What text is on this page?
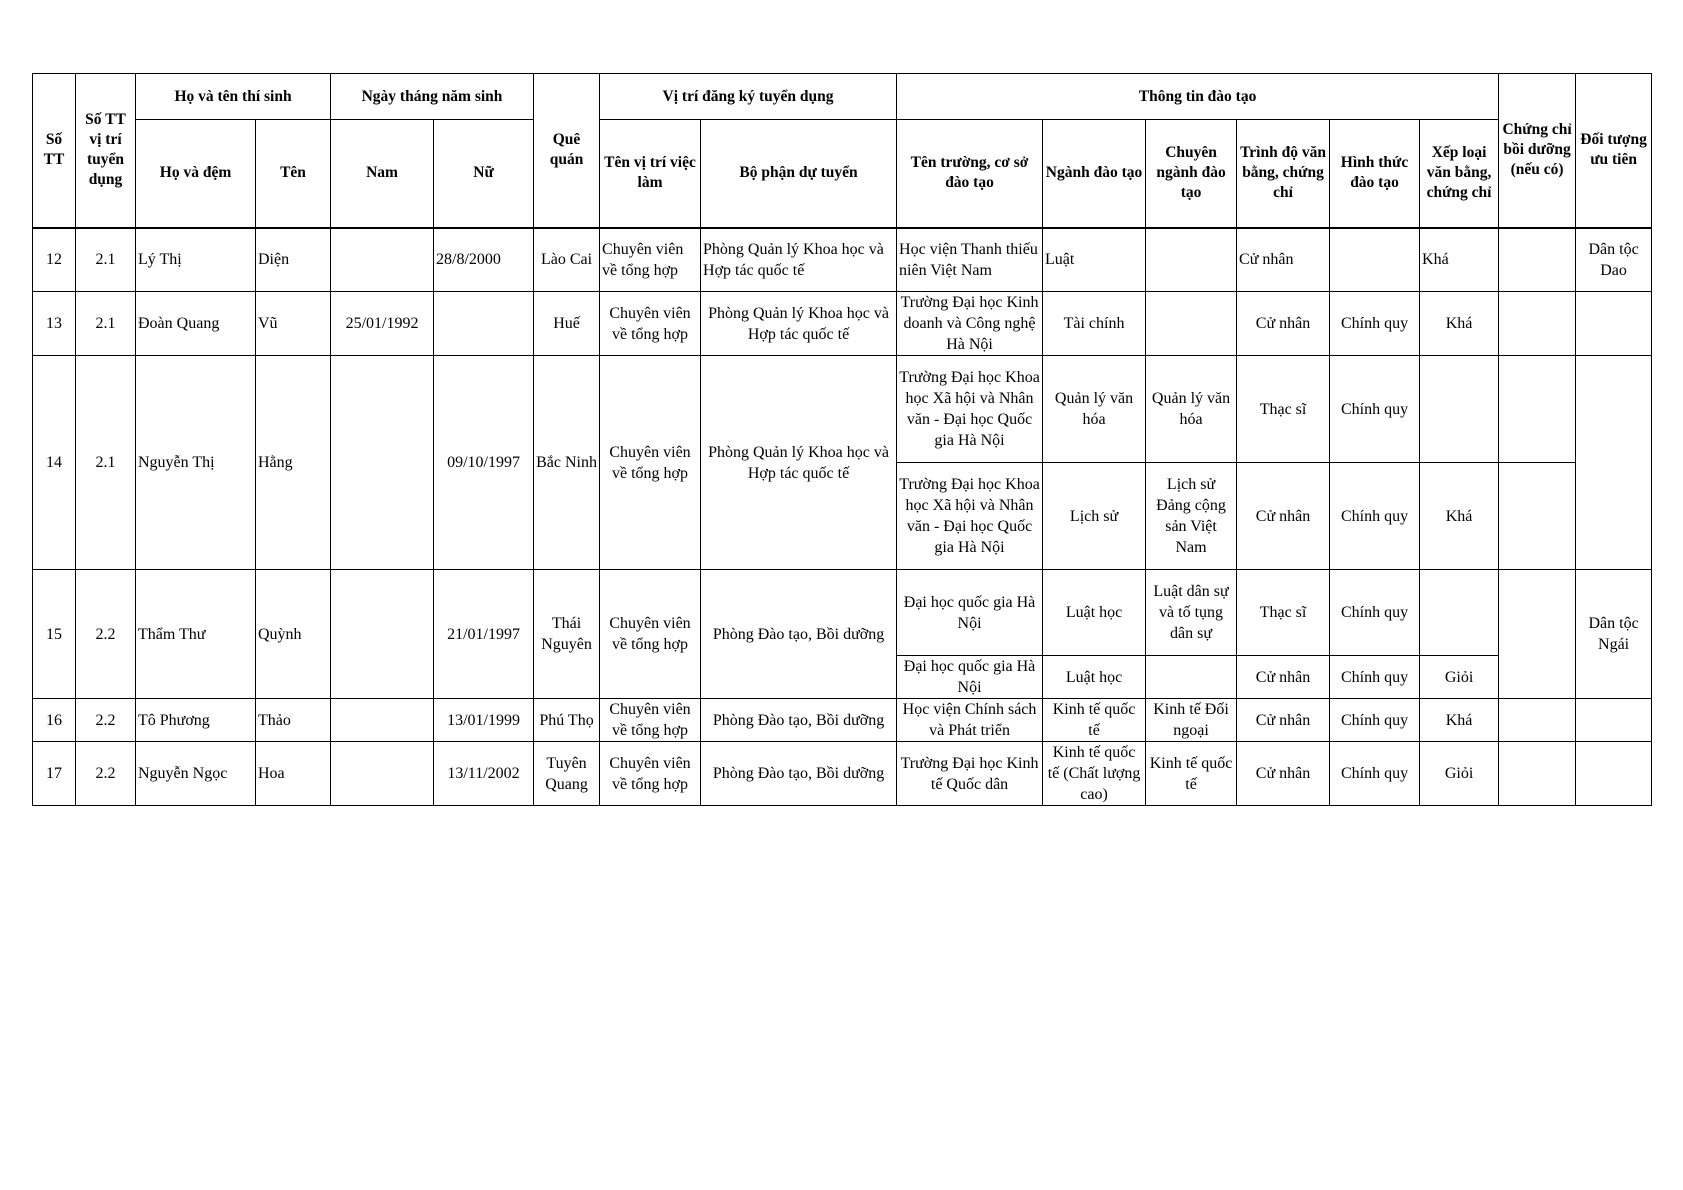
Số TT	Số TT vị trí tuyển dụng	Họ và tên thí sinh		Ngày tháng năm sinh		Quê quán	Vị trí đăng ký tuyển dụng		Thông tin đào tạo						Chứng chỉ bồi dưỡng (nếu có)	Đối tượng ưu tiên
		Họ và đệm	Tên	Nam	Nữ		Tên vị trí việc làm	Bộ phận dự tuyển	Tên trường, cơ sở đào tạo	Ngành đào tạo	Chuyên ngành đào tạo	Trình độ văn bằng, chứng chỉ	Hình thức đào tạo	Xếp loại văn bằng, chứng chỉ		
12	2.1	Lý Thị	Diện		28/8/2000	Lào Cai	Chuyên viên về tổng hợp	Phòng Quản lý Khoa học và Hợp tác quốc tế	Học viện Thanh thiếu niên Việt Nam	Luật		Cử nhân		Khá		Dân tộc Dao
13	2.1	Đoàn Quang	Vũ	25/01/1992		Huế	Chuyên viên về tổng hợp	Phòng Quản lý Khoa học và Hợp tác quốc tế	Trường Đại học Kinh doanh và Công nghệ Hà Nội	Tài chính		Cử nhân	Chính quy	Khá		
14	2.1	Nguyễn Thị	Hằng		09/10/1997	Bắc Ninh	Chuyên viên về tổng hợp	Phòng Quản lý Khoa học và Hợp tác quốc tế	Trường Đại học Khoa học Xã hội và Nhân văn - Đại học Quốc gia Hà Nội	Quản lý văn hóa	Quản lý văn hóa	Thạc sĩ	Chính quy			
									Trường Đại học Khoa học Xã hội và Nhân văn - Đại học Quốc gia Hà Nội	Lịch sử	Lịch sử Đảng cộng sản Việt Nam	Cử nhân	Chính quy	Khá		
15	2.2	Thẩm Thư	Quỳnh		21/01/1997	Thái Nguyên	Chuyên viên về tổng hợp	Phòng Đào tạo, Bồi dưỡng	Đại học quốc gia Hà Nội	Luật học	Luật dân sự và tố tụng dân sự	Thạc sĩ	Chính quy			Dân tộc Ngái
									Đại học quốc gia Hà Nội	Luật học		Cử nhân	Chính quy	Giỏi		
16	2.2	Tô Phương	Thảo		13/01/1999	Phú Thọ	Chuyên viên về tổng hợp	Phòng Đào tạo, Bồi dưỡng	Học viện Chính sách và Phát triển	Kinh tế quốc tế	Kinh tế Đối ngoại	Cử nhân	Chính quy	Khá		
17	2.2	Nguyễn Ngọc	Hoa		13/11/2002	Tuyên Quang	Chuyên viên về tổng hợp	Phòng Đào tạo, Bồi dưỡng	Trường Đại học Kinh tế Quốc dân	Kinh tế quốc tế (Chất lượng cao)	Kinh tế quốc tế	Cử nhân	Chính quy	Giỏi		
